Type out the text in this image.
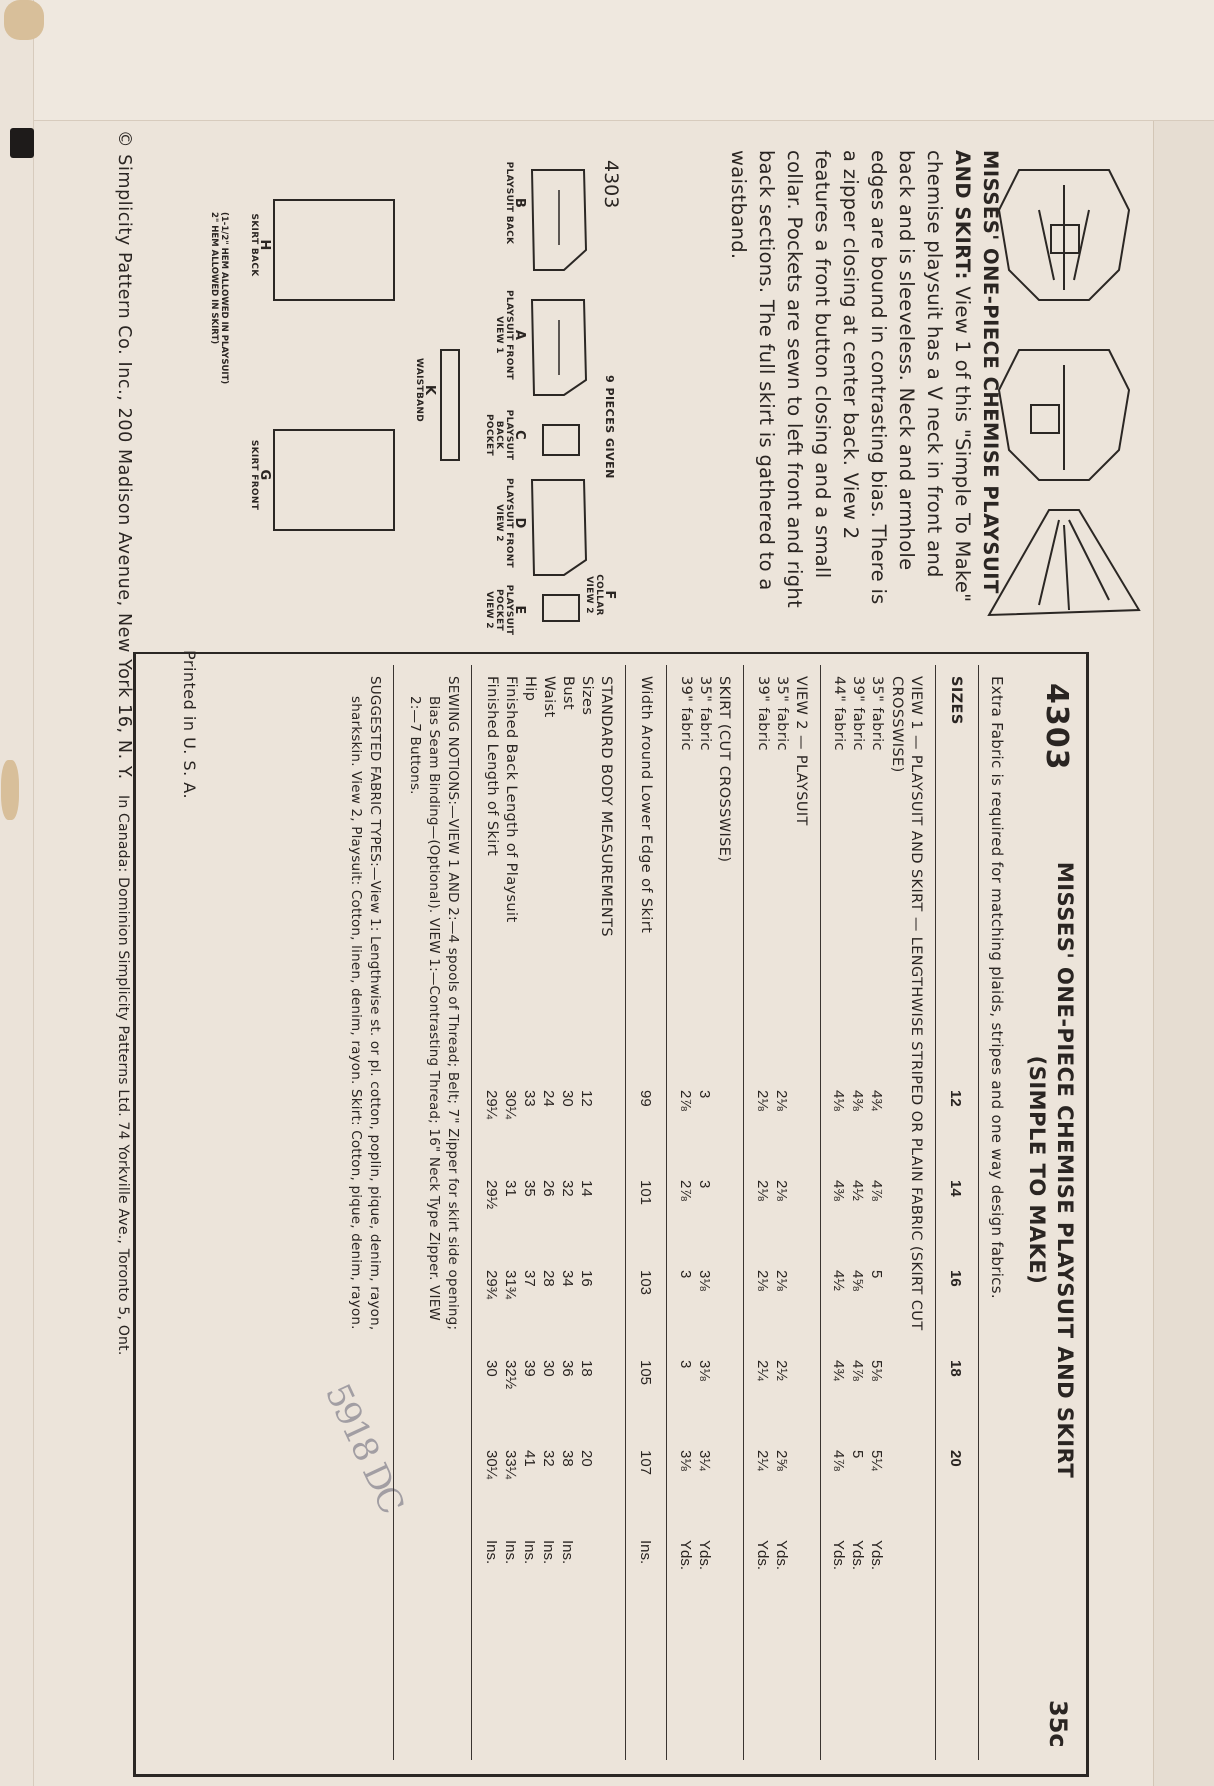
MISSES' ONE-PIECE CHEMISE PLAYSUIT AND SKIRT: View 1 of this "Simple To Make" chemise playsuit has a V neck in front and back and is sleeveless. Neck and armhole edges are bound in contrasting bias. There is a zipper closing at center back. View 2 features a front button closing and a small collar. Pockets are sewn to left front and right back sections. The full skirt is gathered to a waistband.
4303
9 PIECES GIVEN
B
PLAYSUIT BACK
A
PLAYSUIT FRONT
VIEW 1
C
PLAYSUIT BACK POCKET
D
PLAYSUIT FRONT
VIEW 2
E
PLAYSUIT POCKET VIEW 2	F
COLLAR VIEW 2
K
WAISTBAND
H
SKIRT BACK
G
SKIRT FRONT
(1-1/2" HEM ALLOWED IN PLAYSUIT)
2" HEM ALLOWED IN SKIRT)
Printed in U. S. A.
© Simplicity Pattern Co. Inc., 200 Madison Avenue, New York 16, N. Y.
In Canada: Dominion Simplicity Patterns Ltd. 74 Yorkville Ave., Toronto 5, Ont.
4303
MISSES' ONE-PIECE CHEMISE PLAYSUIT AND SKIRT (SIMPLE TO MAKE)
35c
Extra Fabric is required for matching plaids, stripes and one way design fabrics.
SIZES
12
14
16
18
20
VIEW 1 — PLAYSUIT AND SKIRT — LENGTHWISE STRIPED OR PLAIN FABRIC (SKIRT CUT
CROSSWISE)
35" fabric
4¾
4⅞
5
5⅛
5¼
Yds.
39" fabric
4⅜
4½
4⅝
4⅞
5
Yds.
44" fabric
4⅛
4⅜
4½
4¾
4⅞
Yds.
VIEW 2 — PLAYSUIT
35" fabric
2⅛
2⅛
2⅛
2½
2⅝
Yds.
39" fabric
2⅛
2⅛
2⅛
2¼
2¼
Yds.
SKIRT (CUT CROSSWISE)
35" fabric
3
3
3⅛
3⅛
3¼
Yds.
39" fabric
2⅞
2⅞
3
3
3⅛
Yds.
Width Around Lower Edge of Skirt
99
101
103
105
107
Ins.
STANDARD BODY MEASUREMENTS
Sizes
12
14
16
18
20
Bust
30
32
34
36
38
Ins.
Waist
24
26
28
30
32
Ins.
Hip
33
35
37
39
41
Ins.
Finished Back Length of Playsuit
30¼
31
31¾
32½
33¼
Ins.
Finished Length of Skirt
29¼
29½
29¾
30
30¼
Ins.
5918 DC
SEWING NOTIONS:—VIEW 1 AND 2:—4 spools of Thread; Belt; 7" Zipper for skirt side opening;
Bias Seam Binding—(Optional). VIEW 1:—Contrasting Thread; 16" Neck Type Zipper. VIEW
2:—7 Buttons.
SUGGESTED FABRIC TYPES:—View 1: Lengthwise st. or pl. cotton, poplin, pique, denim, rayon,
sharkskin. View 2, Playsuit: Cotton, linen, denim, rayon. Skirt: Cotton, pique, denim, rayon.
